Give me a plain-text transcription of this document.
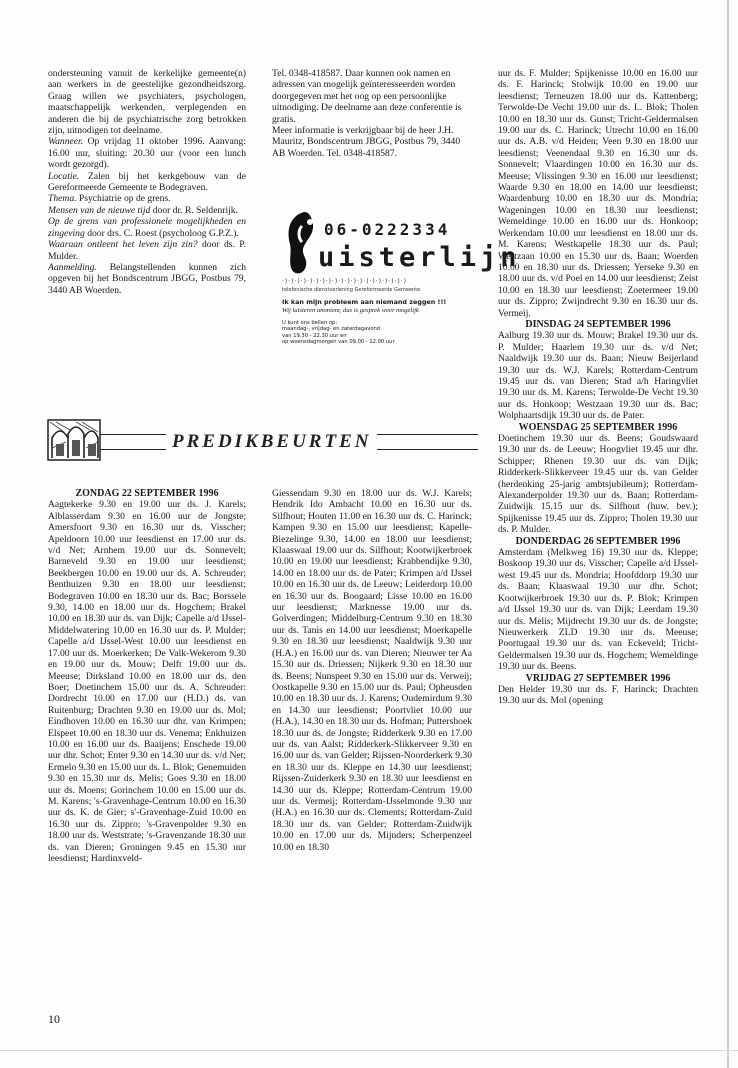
ondersteuning vanuit de kerkelijke gemeente(n) aan werkers in de geestelijke gezondheidszorg. Graag willen we psychiaters, psychologen, maatschappelijk werkenden, verplegenden en anderen die bij de psychiatrische zorg betrokken zijn, uitnodigen tot deelname.

Wanneer. Op vrijdag 11 oktober 1996. Aanvang: 16.00 uur, sluiting: 20.30 uur (voor een lunch wordt gezorgd).

Locatie. Zalen bij het kerkgebouw van de Gereformeerde Gemeente te Bodegraven.

Thema. Psychiatrie op de grens.

Mensen van de nieuwe tijd door dr. R. Seldenrijk.

Op de grens van professionele mogelijkheden en zingeving door drs. C. Roest (psycholoog G.P.Z.).

Waaraan ontleent het leven zijn zin? door ds. P. Mulder.

Aanmelding. Belangstellenden kunnen zich opgeven bij het Bondscentrum JBGG, Postbus 79, 3440 AB Woerden.

Tel. 0348-418587. Daar kunnen ook namen en adressen van mogelijk geïnteresseerden worden doorgegeven met het oog op een persoonlijke uitnodiging. De deelname aan deze conferentie is gratis.
Meer informatie is verkrijgbaar bij de heer J.H. Mauritz, Bondscentrum JBGG, Postbus 79, 3440 AB Woerden. Tel. 0348-418587.
06-0222334
uisterlijn
·)·)·)·)·)·)·)·)·)·)·)·)·)·)·)·)·)·)·)·)
telefonische dienstverlening Gereformeerde Gemeente
Ik kan mijn probleem aan niemand zeggen !!!
Wij luisteren anoniem, dus is gesprek weer mogelijk
U kunt ons bellen op:
maandag-, vrijdag- en zaterdagavond
van 19.30 - 22.30 uur en
op woensdagmorgen van 09.00 - 12.00 uur

uur ds. F. Mulder; Spijkenisse 10.00 en 16.00 uur ds. F. Harinck; Stolwijk 10.00 en 19.00 uur leesdienst; Terneuzen 18.00 uur ds. Kattenberg; Terwolde-De Vecht 19.00 uur ds. L. Blok; Tholen 10.00 en 18.30 uur ds. Gunst; Tricht-Geldermalsen 19.00 uur ds. C. Harinck; Utrecht 10.00 en 16.00 uur ds. A.B. v/d Heiden; Veen 9.30 en 18.00 uur leesdienst; Veenendaal 9.30 en 16.30 uur ds. Sonnevelt; Vlaardingen 10.00 en 16.30 uur ds. Meeuse; Vlissingen 9.30 en 16.00 uur leesdienst; Waarde 9.30 en 18.00 en 14.00 uur leesdienst; Waardenburg 10.00 en 18.30 uur ds. Mondria; Wageningen 10.00 en 18.30 uur leesdienst; Wemeldinge 10.00 en 16.00 uur ds. Honkoop; Werkendam 10.00 uur leesdienst en 18.00 uur ds. M. Karens; Westkapelle 18.30 uur ds. Paul; Westzaan 10.00 en 15.30 uur ds. Baan; Woerden 10.00 en 18.30 uur ds. Driessen; Yerseke 9.30 en 18.00 uur ds. v/d Poel en 14.00 uur leesdienst; Zeist 10.00 en 18.30 uur leesdienst; Zoetermeer 19.00 uur ds. Zippro; Zwijndrecht 9.30 en 16.30 uur ds. Vermeij.

DINSDAG 24 SEPTEMBER 1996

Aalburg 19.30 uur ds. Mouw; Brakel 19.30 uur ds. P. Mulder; Haarlem 19.30 uur ds. v/d Net; Naaldwijk 19.30 uur ds. Baan; Nieuw Beijerland 19.30 uur ds. W.J. Karels; Rotterdam-Centrum 19.45 uur ds. van Dieren; Stad a/h Haringvliet 19.30 uur ds. M. Karens; Terwolde-De Vecht 19.30 uur ds. Honkoop; Westzaan 19.30 uur ds. Bac; Wolphaartsdijk 19.30 uur ds. de Pater.

WOENSDAG 25 SEPTEMBER 1996

Doetinchem 19.30 uur ds. Beens; Goudswaard 19.30 uur ds. de Leeuw; Hoogvliet 19.45 uur dhr. Schipper; Rhenen 19.30 uur ds. van Dijk; Ridderkerk-Slikkerveer 19.45 uur ds. van Gelder (herdenking 25-jarig ambtsjubileum); Rotterdam-Alexanderpolder 19.30 uur ds. Baan; Rotterdam-Zuidwijk 15.15 uur ds. Silfhout (huw. bev.); Spijkenisse 19.45 uur ds. Zippro; Tholen 19.30 uur ds. P. Mulder.

DONDERDAG 26 SEPTEMBER 1996

Amsterdam (Melkweg 16) 19.30 uur ds. Kleppe; Boskoop 19.30 uur ds. Visscher; Capelle a/d IJssel-west 19.45 uur ds. Mondria; Hoofddorp 19.30 uur ds. Baan; Klaaswaal 19.30 uur dhr. Schot; Kootwijkerbroek 19.30 uur ds. P. Blok; Krimpen a/d IJssel 19.30 uur ds. van Dijk; Leerdam 19.30 uur ds. Melis; Mijdrecht 19.30 uur ds. de Jongste; Nieuwerkerk ZLD 19.30 uur ds. Meeuse; Poortugaal 19.30 uur ds. van Eckeveld; Tricht-Geldermalsen 19.30 uur ds. Hogchem; Wemeldinge 19.30 uur ds. Beens.

VRIJDAG 27 SEPTEMBER 1996

Den Helder 19.30 uur ds. F. Harinck; Drachten 19.30 uur ds. Mol (opening

PREDIKBEURTEN

ZONDAG 22 SEPTEMBER 1996

Aagtekerke 9.30 en 19.00 uur ds. J. Karels; Alblasserdam 9.30 en 16.00 uur de Jongste; Amersfoort 9.30 en 16.30 uur ds. Visscher; Apeldoorn 10.00 uur leesdienst en 17.00 uur ds. v/d Net; Arnhem 19.00 uur ds. Sonnevelt; Barneveld 9.30 en 19.00 uur leesdienst; Beekbergen 10.00 en 19.00 uur ds. A. Schreuder; Benthuizen 9.30 en 18.00 uur leesdienst; Bodegraven 10.00 en 18.30 uur ds. Bac; Borssele 9.30, 14.00 en 18.00 uur ds. Hogchem; Brakel 10.00 en 18.30 uur ds. van Dijk; Capelle a/d IJssel-Middelwatering 10.00 en 16.30 uur ds. P. Mulder; Capelle a/d IJssel-West 10.00 uur leesdienst en 17.00 uur ds. Moerkerken; De Valk-Wekerom 9.30 en 19.00 uur ds. Mouw; Delft 19.00 uur ds. Meeuse; Dirksland 10.00 en 18.00 uur ds. den Boer; Doetinchem 15.00 uur ds. A. Schreuder: Dordrecht 10.00 en 17.00 uur (H.D.) ds. van Ruitenburg; Drachten 9.30 en 19.00 uur ds. Mol; Eindhoven 10.00 en 16.30 uur dhr. van Krimpen; Elspeet 10.00 en 18.30 uur ds. Venema; Enkhuizen 10.00 en 16.00 uur ds. Baaijens; Enschede 19.00 uur dhr. Schot; Enter 9.30 en 14.30 uur ds. v/d Net; Ermelo 9.30 en 15.00 uur ds. L. Blok; Genemuiden 9.30 en 15.30 uur ds. Melis; Goes 9.30 en 18.00 uur ds. Moens; Gorinchem 10.00 en 15.00 uur ds. M. Karens; 's-Gravenhage-Centrum 10.00 en 16.30 uur ds. K. de Gier; s'-Gravenhage-Zuid 10.00 en 16.30 uur ds. Zippro; 's-Gravenpolder 9.30 en 18.00 uur ds. Weststrate; 's-Gravenzande 18.30 uur ds. van Dieren; Groningen 9.45 en 15.30 uur leesdienst; Hardinxveld-

Giessendam 9.30 en 18.00 uur ds. W.J. Karels; Hendrik Ido Ambacht 10.00 en 16.30 uur ds. Silfhout; Houten 11.00 en 16.30 uur ds. C. Harinck; Kampen 9.30 en 15.00 uur leesdienst; Kapelle-Biezelinge 9.30, 14.00 en 18.00 uur leesdienst; Klaaswaal 19.00 uur ds. Silfhout; Kootwijkerbroek 10.00 en 19.00 uur leesdienst; Krabbendijke 9.30, 14.00 en 18.00 uur ds. de Pater; Krimpen a/d IJssel 10.00 en 16.30 uur ds. de Leeuw; Leiderdorp 10.00 en 16.30 uur ds. Boogaard; Lisse 10.00 en 16.00 uur leesdienst; Marknesse 19.00 uur ds. Golverdingen; Middelburg-Centrum 9.30 en 18.30 uur ds. Tanis en 14.00 uur leesdienst; Moerkapelle 9.30 en 18.30 uur leesdienst; Naaldwijk 9.30 uur (H.A.) en 16.00 uur ds. van Dieren; Nieuwer ter Aa 15.30 uur ds. Driessen; Nijkerk 9.30 en 18.30 uur ds. Beens; Nunspeet 9.30 en 15.00 uur ds. Verweij; Oostkapelle 9.30 en 15.00 uur ds. Paul; Opheusden 10.00 en 18.30 uur ds. J. Karens; Oudemirdum 9.30 en 14.30 uur leesdienst; Poortvliet 10.00 uur (H.A.), 14.30 en 18.30 uur ds. Hofman; Puttershoek 18.30 uur ds. de Jongste; Ridderkerk 9.30 en 17.00 uur ds. van Aalst; Ridderkerk-Slikkerveer 9.30 en 16.00 uur ds. van Gelder; Rijssen-Noorderkerk 9.30 en 18.30 uur ds. Kleppe en 14.30 uur leesdienst; Rijssen-Zuiderkerk 9.30 en 18.30 uur leesdienst en 14.30 uur ds. Kleppe; Rotterdam-Centrum 19.00 uur ds. Vermeij; Rotterdam-IJsselmonde 9.30 uur (H.A.) en 16.30 uur ds. Clements; Rotterdam-Zuid 18.30 uur ds. van Gelder; Rotterdam-Zuidwijk 10.00 en 17.00 uur ds. Mijnders; Scherpenzeel 10.00 en 18.30

10
